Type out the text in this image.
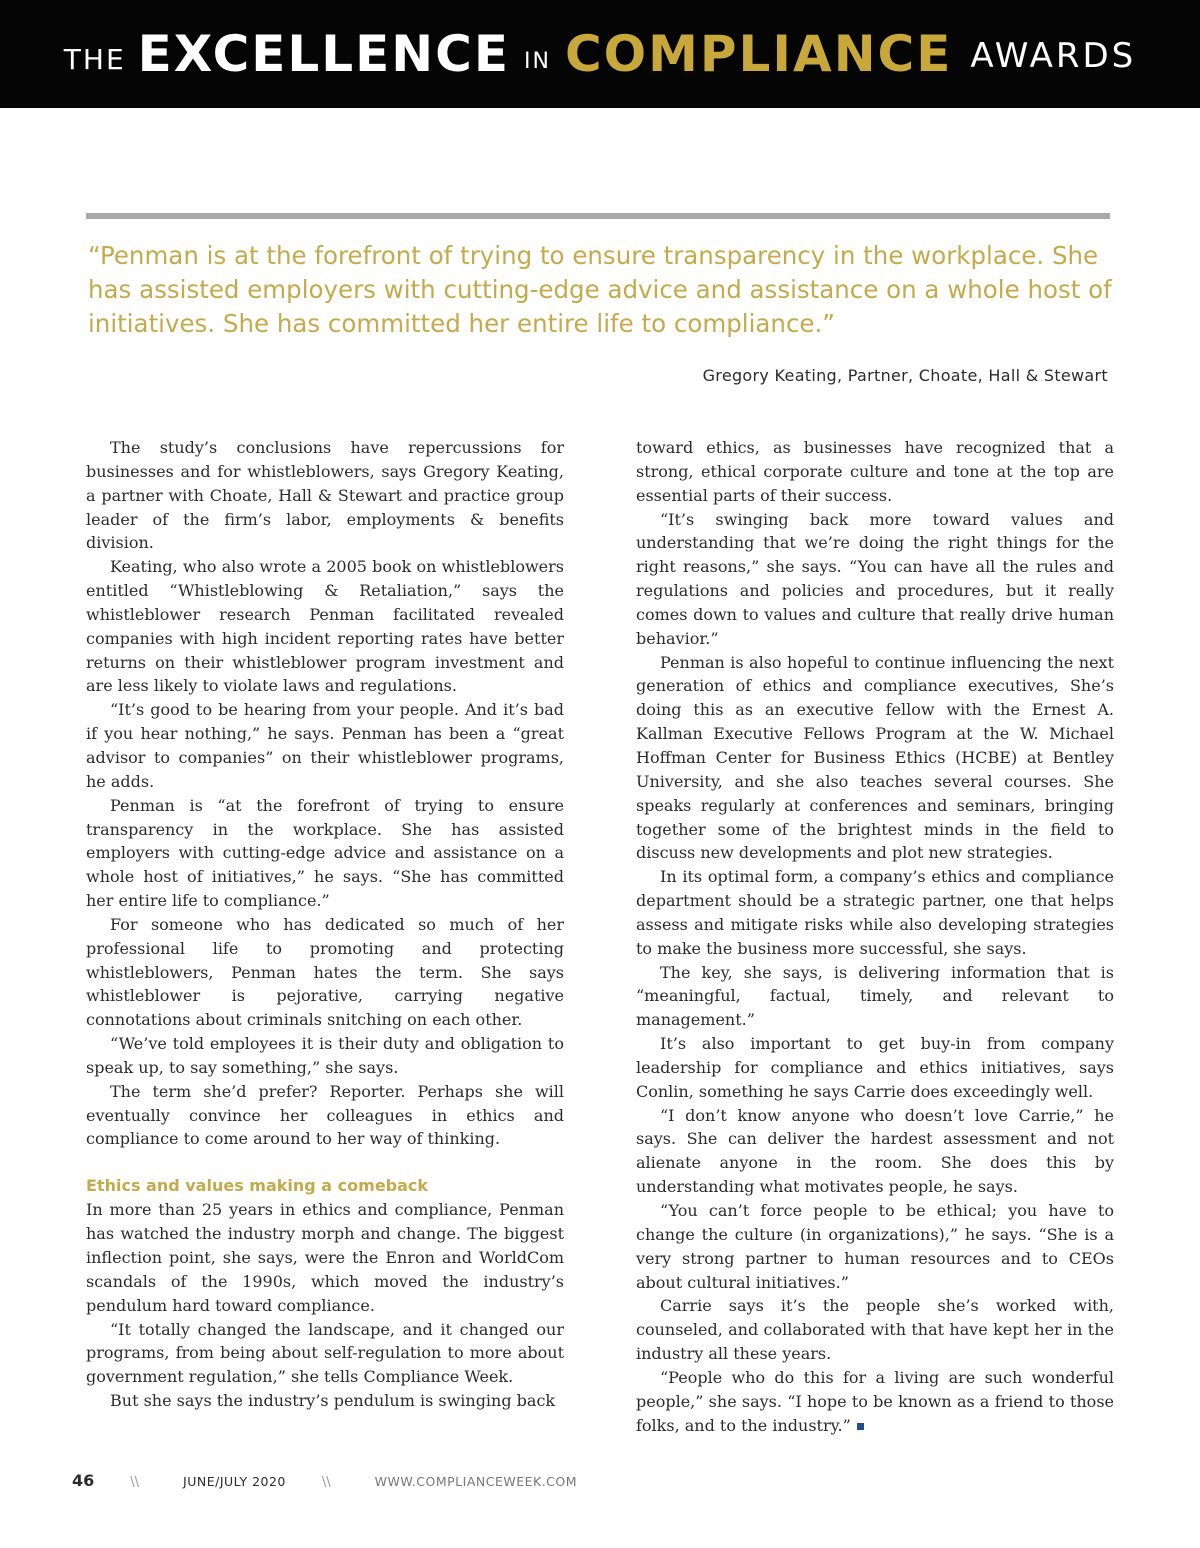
THE EXCELLENCE IN COMPLIANCE AWARDS

“Penman is at the forefront of trying to ensure transparency in the workplace. She has assisted employers with cutting-edge advice and assistance on a whole host of initiatives. She has committed her entire life to compliance.”

Gregory Keating, Partner, Choate, Hall & Stewart

The study’s conclusions have repercussions for businesses and for whistleblowers, says Gregory Keating, a partner with Choate, Hall & Stewart and practice group leader of the firm’s labor, employments & benefits division.

Keating, who also wrote a 2005 book on whistleblowers entitled “Whistleblowing & Retaliation,” says the whistleblower research Penman facilitated revealed companies with high incident reporting rates have better returns on their whistleblower program investment and are less likely to violate laws and regulations.

“It’s good to be hearing from your people. And it’s bad if you hear nothing,” he says. Penman has been a “great advisor to companies” on their whistleblower programs, he adds.

Penman is “at the forefront of trying to ensure transparency in the workplace. She has assisted employers with cutting-edge advice and assistance on a whole host of initiatives,” he says. “She has committed her entire life to compliance.”

For someone who has dedicated so much of her professional life to promoting and protecting whistleblowers, Penman hates the term. She says whistleblower is pejorative, carrying negative connotations about criminals snitching on each other.

“We’ve told employees it is their duty and obligation to speak up, to say something,” she says.

The term she’d prefer? Reporter. Perhaps she will eventually convince her colleagues in ethics and compliance to come around to her way of thinking.

Ethics and values making a comeback

In more than 25 years in ethics and compliance, Penman has watched the industry morph and change. The biggest inflection point, she says, were the Enron and WorldCom scandals of the 1990s, which moved the industry’s pendulum hard toward compliance.

“It totally changed the landscape, and it changed our programs, from being about self-regulation to more about government regulation,” she tells Compliance Week.

But she says the industry’s pendulum is swinging back

toward ethics, as businesses have recognized that a strong, ethical corporate culture and tone at the top are essential parts of their success.

“It’s swinging back more toward values and understanding that we’re doing the right things for the right reasons,” she says. “You can have all the rules and regulations and policies and procedures, but it really comes down to values and culture that really drive human behavior.”

Penman is also hopeful to continue influencing the next generation of ethics and compliance executives, She’s doing this as an executive fellow with the Ernest A. Kallman Executive Fellows Program at the W. Michael Hoffman Center for Business Ethics (HCBE) at Bentley University, and she also teaches several courses. She speaks regularly at conferences and seminars, bringing together some of the brightest minds in the field to discuss new developments and plot new strategies.

In its optimal form, a company’s ethics and compliance department should be a strategic partner, one that helps assess and mitigate risks while also developing strategies to make the business more successful, she says.

The key, she says, is delivering information that is “meaningful, factual, timely, and relevant to management.”

It’s also important to get buy-in from company leadership for compliance and ethics initiatives, says Conlin, something he says Carrie does exceedingly well.

“I don’t know anyone who doesn’t love Carrie,” he says. She can deliver the hardest assessment and not alienate anyone in the room. She does this by understanding what motivates people, he says.

“You can’t force people to be ethical; you have to change the culture (in organizations),” he says. “She is a very strong partner to human resources and to CEOs about cultural initiatives.”

Carrie says it’s the people she’s worked with, counseled, and collaborated with that have kept her in the industry all these years.

“People who do this for a living are such wonderful people,” she says. “I hope to be known as a friend to those folks, and to the industry.”

46	\\	JUNE/JULY 2020	\\	WWW.COMPLIANCEWEEK.COM
